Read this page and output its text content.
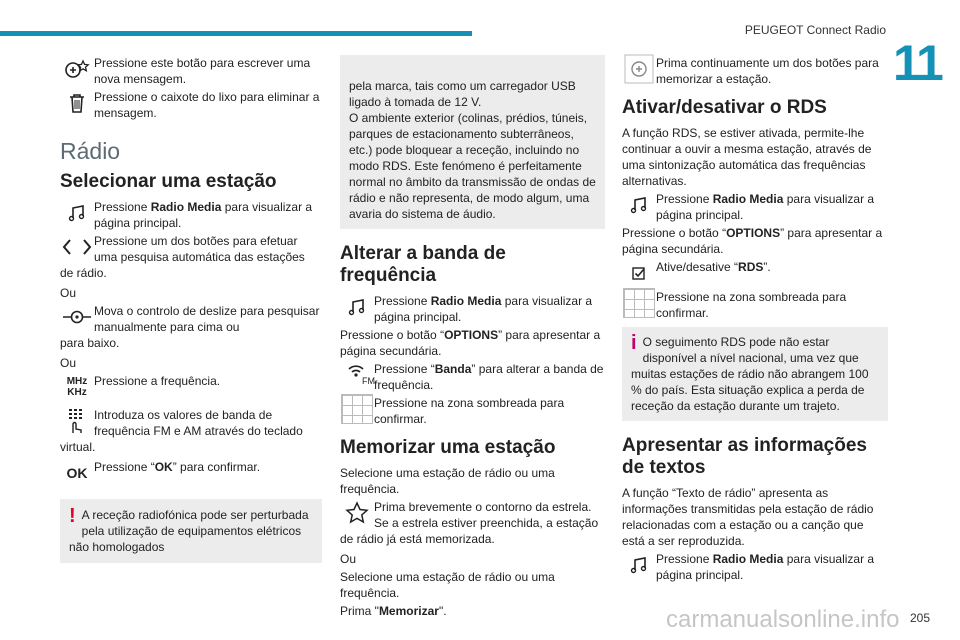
PEUGEOT Connect Radio
11
205
carmanualsonline.info
Pressione este botão para escrever uma nova mensagem.
Pressione o caixote do lixo para eliminar a mensagem.
Rádio
Selecionar uma estação
Pressione Radio Media para visualizar a página principal.
Pressione um dos botões para efetuar uma pesquisa automática das estações
de rádio.
Ou
Mova o controlo de deslize para pesquisar manualmente para cima ou
para baixo.
Ou
MHz
KHz
Pressione a frequência.
Introduza os valores de banda de frequência FM e AM através do teclado
virtual.
OK Pressione “OK” para confirmar.
! A receção radiofónica pode ser perturbada pela utilização de equipamentos elétricos não homologados

pela marca, tais como um carregador USB ligado à tomada de 12 V.
O ambiente exterior (colinas, prédios, túneis, parques de estacionamento subterrâneos, etc.) pode bloquear a receção, incluindo no modo RDS. Este fenómeno é perfeitamente normal no âmbito da transmissão de ondas de rádio e não representa, de modo algum, uma avaria do sistema de áudio.

Alterar a banda de frequência
Pressione Radio Media para visualizar a página principal.
Pressione o botão “OPTIONS” para apresentar a página secundária.
FM
Pressione “Banda” para alterar a banda de frequência.
Pressione na zona sombreada para confirmar.
Memorizar uma estação
Selecione uma estação de rádio ou uma frequência.
Prima brevemente o contorno da estrela. Se a estrela estiver preenchida, a estação
de rádio já está memorizada.
Ou
Selecione uma estação de rádio ou uma frequência.
Prima "Memorizar".
Prima continuamente um dos botões para memorizar a estação.
Ativar/desativar o RDS
A função RDS, se estiver ativada, permite-lhe continuar a ouvir a mesma estação, através de uma sintonização automática das frequências alternativas.
Pressione Radio Media para visualizar a página principal.
Pressione o botão “OPTIONS” para apresentar a página secundária.
Ative/desative “RDS”.
Pressione na zona sombreada para confirmar.
i O seguimento RDS pode não estar disponível a nível nacional, uma vez que muitas estações de rádio não abrangem 100 % do país. Esta situação explica a perda de receção da estação durante um trajeto.
Apresentar as informações de textos
A função “Texto de rádio” apresenta as informações transmitidas pela estação de rádio relacionadas com a estação ou a canção que está a ser reproduzida.
Pressione Radio Media para visualizar a página principal.
